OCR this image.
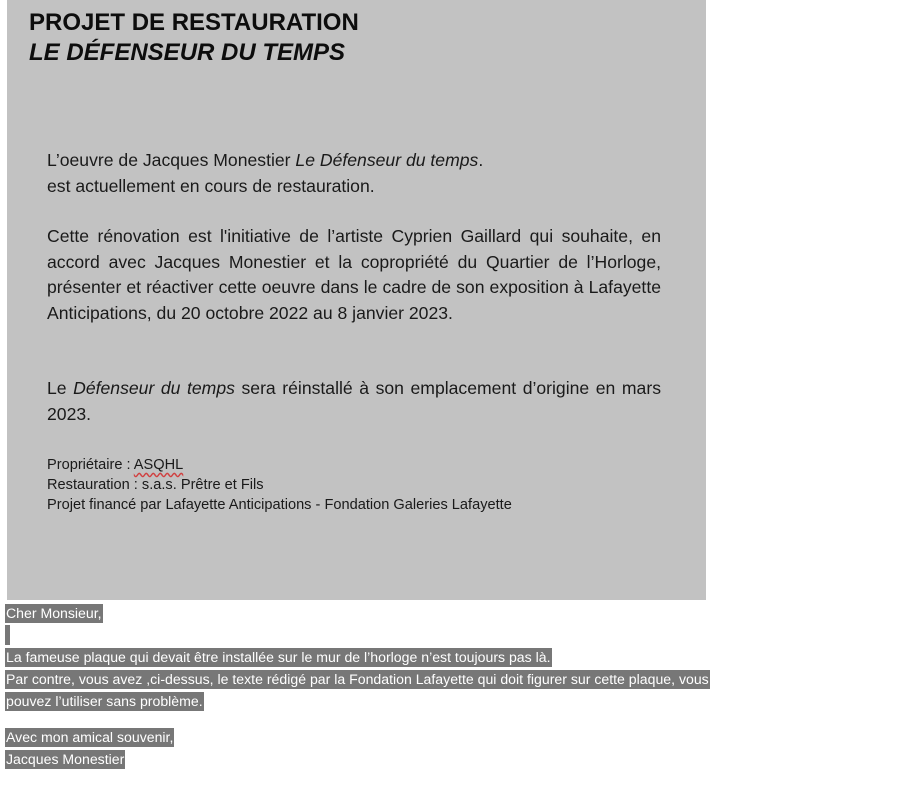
PROJET DE RESTAURATION
LE DÉFENSEUR DU TEMPS

L’oeuvre de Jacques Monestier Le Défenseur du temps.
est actuellement en cours de restauration.

Cette rénovation est l'initiative de l’artiste Cyprien Gaillard qui souhaite, en accord avec Jacques Monestier et la copropriété du Quartier de l’Horloge, présenter et réactiver cette oeuvre dans le cadre de son exposition à Lafayette Anticipations, du 20 octobre 2022 au 8 janvier 2023.

Le Défenseur du temps sera réinstallé à son emplacement d’origine en mars 2023.

Propriétaire : ASQHL
Restauration : s.a.s. Prêtre et Fils
Projet financé par Lafayette Anticipations - Fondation Galeries Lafayette
Cher Monsieur,
La fameuse plaque qui devait être installée sur le mur de l’horloge n’est toujours pas là.
Par contre, vous avez ,ci-dessus, le texte rédigé par la Fondation Lafayette qui doit figurer sur cette plaque, vous
pouvez l’utiliser sans problème.
Avec mon amical souvenir,
Jacques Monestier
